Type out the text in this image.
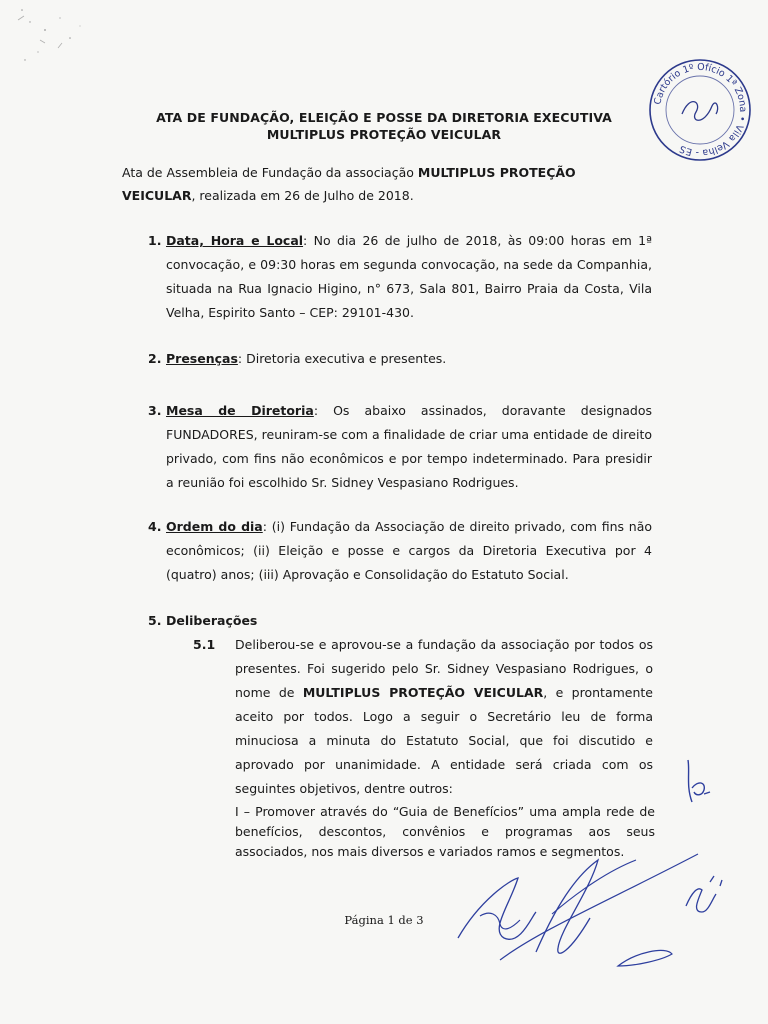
ATA DE FUNDAÇÃO, ELEIÇÃO E POSSE DA DIRETORIA EXECUTIVA
MULTIPLUS PROTEÇÃO VEICULAR
Ata de Assembleia de Fundação da associação MULTIPLUS PROTEÇÃO VEICULAR, realizada em 26 de Julho de 2018.
1. Data, Hora e Local: No dia 26 de julho de 2018, às 09:00 horas em 1ª convocação, e 09:30 horas em segunda convocação, na sede da Companhia, situada na Rua Ignacio Higino, n° 673, Sala 801, Bairro Praia da Costa, Vila Velha, Espirito Santo – CEP: 29101-430.
2. Presenças: Diretoria executiva e presentes.
3. Mesa de Diretoria: Os abaixo assinados, doravante designados FUNDADORES, reuniram-se com a finalidade de criar uma entidade de direito privado, com fins não econômicos e por tempo indeterminado. Para presidir a reunião foi escolhido Sr. Sidney Vespasiano Rodrigues.
4. Ordem do dia: (i) Fundação da Associação de direito privado, com fins não econômicos; (ii) Eleição e posse e cargos da Diretoria Executiva por 4 (quatro) anos; (iii) Aprovação e Consolidação do Estatuto Social.
5. Deliberações
5.1 Deliberou-se e aprovou-se a fundação da associação por todos os presentes. Foi sugerido pelo Sr. Sidney Vespasiano Rodrigues, o nome de MULTIPLUS PROTEÇÃO VEICULAR, e prontamente aceito por todos. Logo a seguir o Secretário leu de forma minuciosa a minuta do Estatuto Social, que foi discutido e aprovado por unanimidade. A entidade será criada com os seguintes objetivos, dentre outros:
I – Promover através do “Guia de Benefícios” uma ampla rede de benefícios, descontos, convênios e programas aos seus associados, nos mais diversos e variados ramos e segmentos.
Página 1 de 3
Cartório 1º Ofício 1ª Zona • Vila Velha - ES
